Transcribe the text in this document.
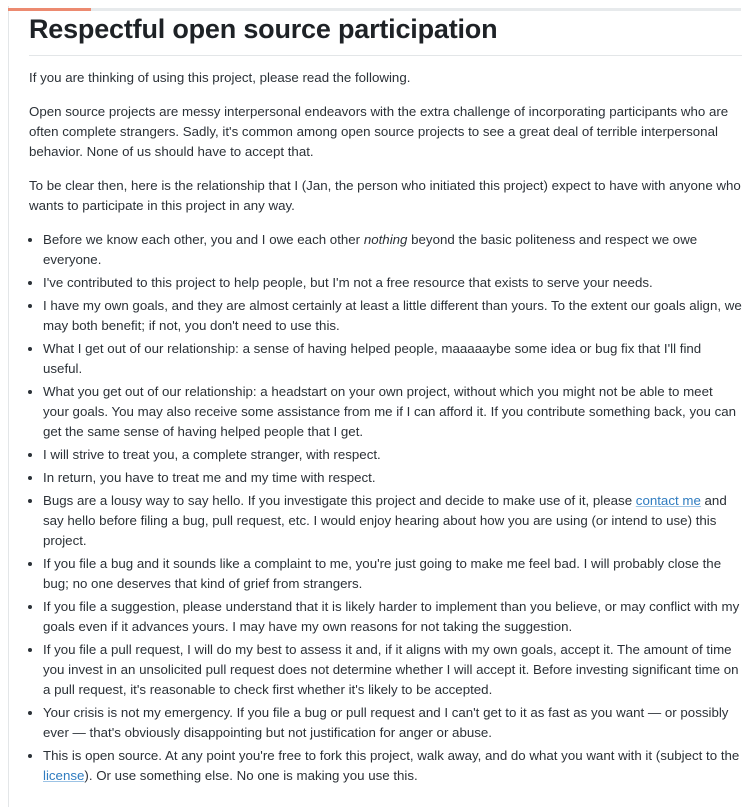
Respectful open source participation

If you are thinking of using this project, please read the following.

Open source projects are messy interpersonal endeavors with the extra challenge of incorporating participants who are often complete strangers. Sadly, it's common among open source projects to see a great deal of terrible interpersonal behavior. None of us should have to accept that.

To be clear then, here is the relationship that I (Jan, the person who initiated this project) expect to have with anyone who wants to participate in this project in any way.

• Before we know each other, you and I owe each other nothing beyond the basic politeness and respect we owe everyone.
• I've contributed to this project to help people, but I'm not a free resource that exists to serve your needs.
• I have my own goals, and they are almost certainly at least a little different than yours. To the extent our goals align, we may both benefit; if not, you don't need to use this.
• What I get out of our relationship: a sense of having helped people, maaaaaybe some idea or bug fix that I'll find useful.
• What you get out of our relationship: a headstart on your own project, without which you might not be able to meet your goals. You may also receive some assistance from me if I can afford it. If you contribute something back, you can get the same sense of having helped people that I get.
• I will strive to treat you, a complete stranger, with respect.
• In return, you have to treat me and my time with respect.
• Bugs are a lousy way to say hello. If you investigate this project and decide to make use of it, please contact me and say hello before filing a bug, pull request, etc. I would enjoy hearing about how you are using (or intend to use) this project.
• If you file a bug and it sounds like a complaint to me, you're just going to make me feel bad. I will probably close the bug; no one deserves that kind of grief from strangers.
• If you file a suggestion, please understand that it is likely harder to implement than you believe, or may conflict with my goals even if it advances yours. I may have my own reasons for not taking the suggestion.
• If you file a pull request, I will do my best to assess it and, if it aligns with my own goals, accept it. The amount of time you invest in an unsolicited pull request does not determine whether I will accept it. Before investing significant time on a pull request, it's reasonable to check first whether it's likely to be accepted.
• Your crisis is not my emergency. If you file a bug or pull request and I can't get to it as fast as you want — or possibly ever — that's obviously disappointing but not justification for anger or abuse.
• This is open source. At any point you're free to fork this project, walk away, and do what you want with it (subject to the license). Or use something else. No one is making you use this.
